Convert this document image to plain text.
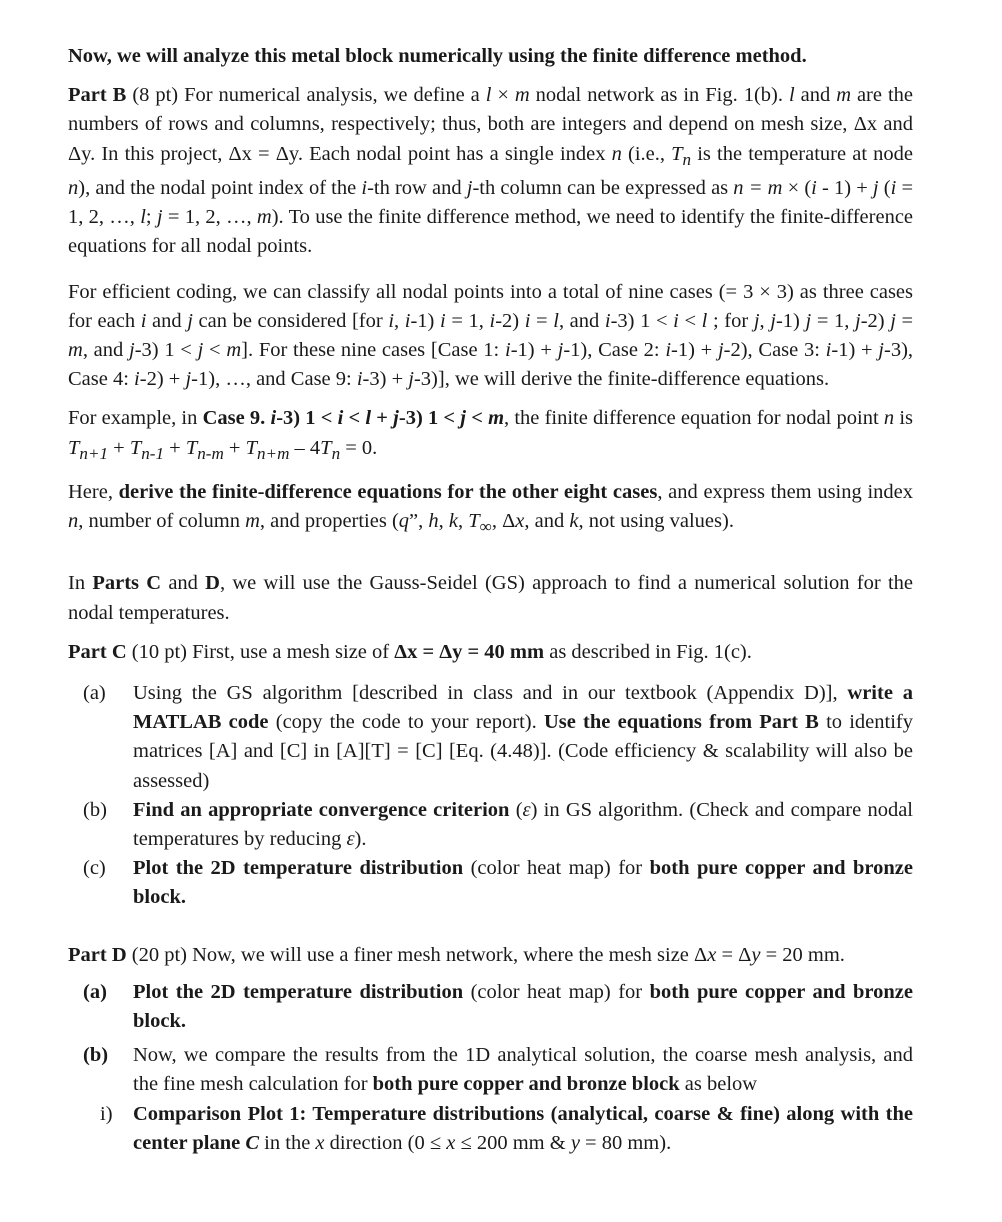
Now, we will analyze this metal block numerically using the finite difference method.

Part B (8 pt) For numerical analysis, we define a l × m nodal network as in Fig. 1(b). l and m are the numbers of rows and columns, respectively; thus, both are integers and depend on mesh size, Δx and Δy. In this project, Δx = Δy. Each nodal point has a single index n (i.e., $T_n$ is the temperature at node n), and the nodal point index of the i-th row and j-th column can be expressed as n = m × (i - 1) + j (i = 1, 2, …, l; j = 1, 2, …, m). To use the finite difference method, we need to identify the finite-difference equations for all nodal points.

For efficient coding, we can classify all nodal points into a total of nine cases (= 3 × 3) as three cases for each i and j can be considered [for i, i-1) i = 1, i-2) i = l, and i-3) 1 < i < l ; for j, j-1) j = 1, j-2) j = m, and j-3) 1 < j < m]. For these nine cases [Case 1: i-1) + j-1), Case 2: i-1) + j-2), Case 3: i-1) + j-3), Case 4: i-2) + j-1), …, and Case 9: i-3) + j-3)], we will derive the finite-difference equations.

For example, in Case 9. i-3) 1 < i < l + j-3) 1 < j < m, the finite difference equation for nodal point n is $T_{n+1} + T_{n-1} + T_{n-m} + T_{n+m} - 4T_n = 0$.

Here, derive the finite-difference equations for the other eight cases, and express them using index n, number of column m, and properties (q”, h, k, $T_\infty$, Δx, and k, not using values).

In Parts C and D, we will use the Gauss-Seidel (GS) approach to find a numerical solution for the nodal temperatures.

Part C (10 pt) First, use a mesh size of Δx = Δy = 40 mm as described in Fig. 1(c).

(a) Using the GS algorithm [described in class and in our textbook (Appendix D)], write a MATLAB code (copy the code to your report). Use the equations from Part B to identify matrices [A] and [C] in [A][T] = [C] [Eq. (4.48)]. (Code efficiency & scalability will also be assessed)
(b) Find an appropriate convergence criterion (ε) in GS algorithm. (Check and compare nodal temperatures by reducing ε).
(c) Plot the 2D temperature distribution (color heat map) for both pure copper and bronze block.

Part D (20 pt) Now, we will use a finer mesh network, where the mesh size Δx = Δy = 20 mm.

(a) Plot the 2D temperature distribution (color heat map) for both pure copper and bronze block.
(b) Now, we compare the results from the 1D analytical solution, the coarse mesh analysis, and the fine mesh calculation for both pure copper and bronze block as below
i) Comparison Plot 1: Temperature distributions (analytical, coarse & fine) along with the center plane C in the x direction (0 ≤ x ≤ 200 mm & y = 80 mm).
